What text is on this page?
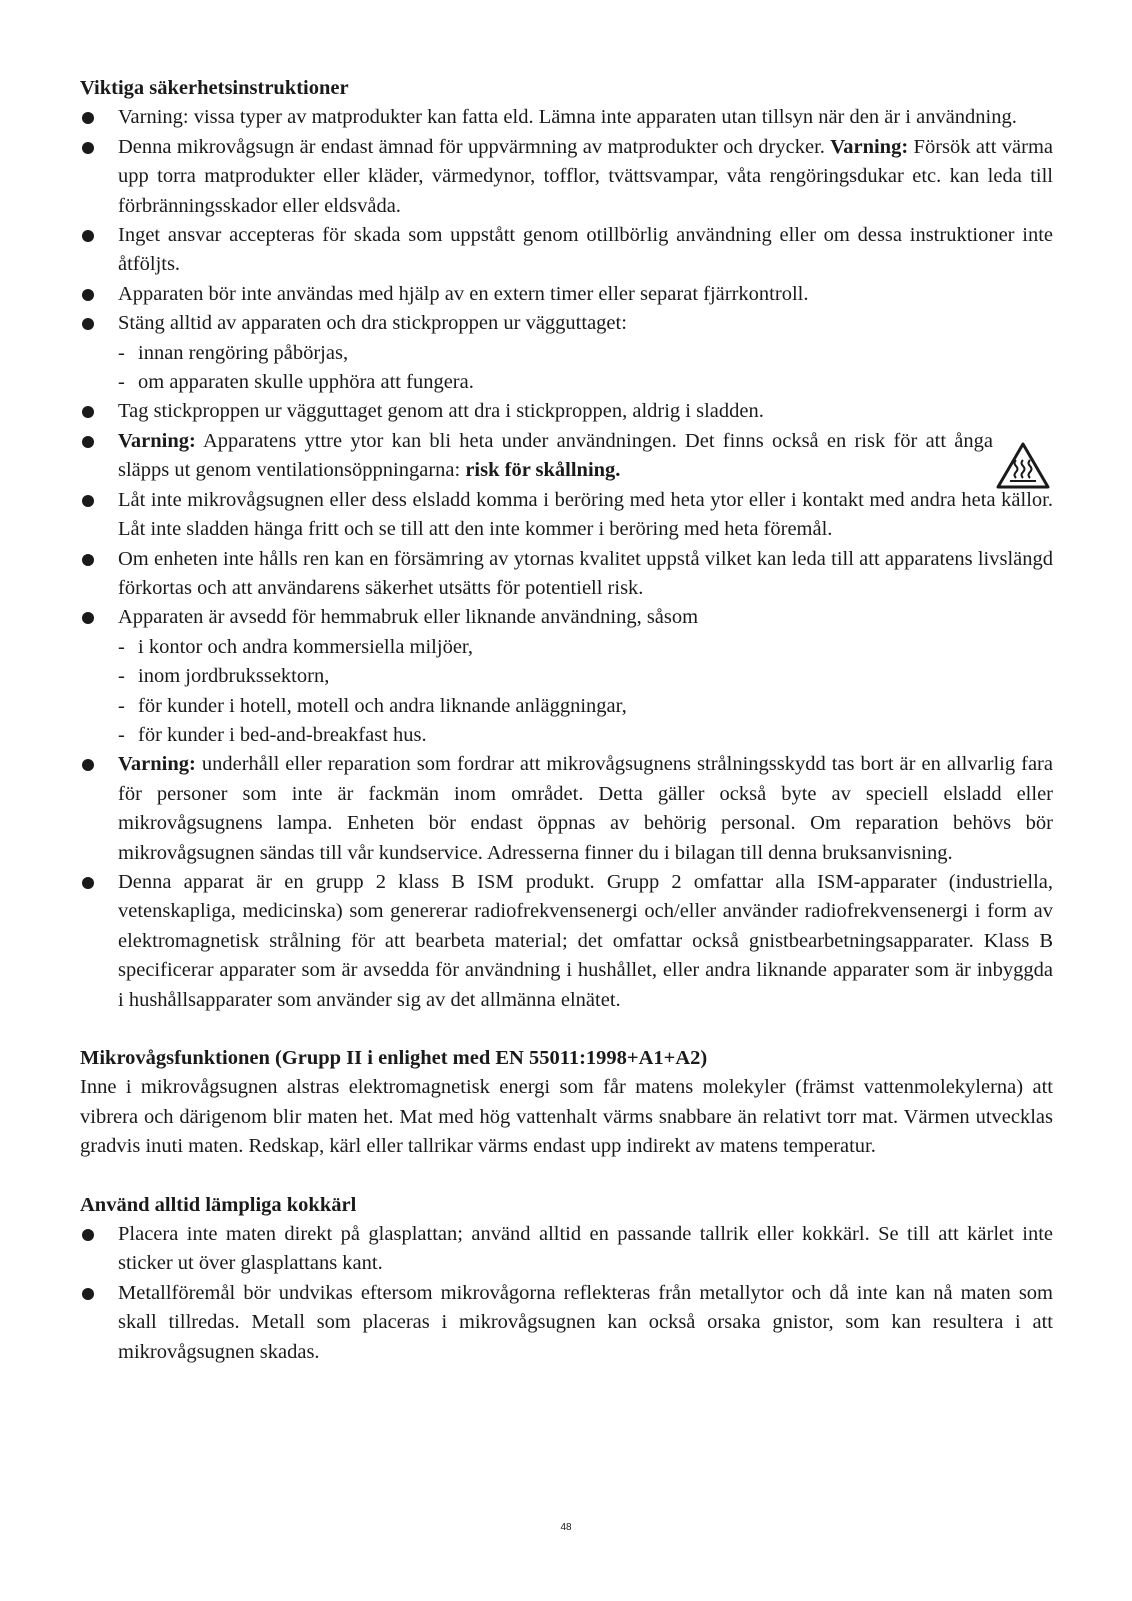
Viktiga säkerhetsinstruktioner
Varning: vissa typer av matprodukter kan fatta eld. Lämna inte apparaten utan tillsyn när den är i användning.
Denna mikrovågsugn är endast ämnad för uppvärmning av matprodukter och drycker. Varning: Försök att värma upp torra matprodukter eller kläder, värmedynor, tofflor, tvättsvampar, våta rengöringsdukar etc. kan leda till förbränningsskador eller eldsvåda.
Inget ansvar accepteras för skada som uppstått genom otillbörlig användning eller om dessa instruktioner inte åtföljts.
Apparaten bör inte användas med hjälp av en extern timer eller separat fjärrkontroll.
Stäng alltid av apparaten och dra stickproppen ur vägguttaget:
- innan rengöring påbörjas,
- om apparaten skulle upphöra att fungera.
Tag stickproppen ur vägguttaget genom att dra i stickproppen, aldrig i sladden.
Varning: Apparatens yttre ytor kan bli heta under användningen. Det finns också en risk för att ånga släpps ut genom ventilationsöppningarna: risk för skållning.
Låt inte mikrovågsugnen eller dess elsladd komma i beröring med heta ytor eller i kontakt med andra heta källor. Låt inte sladden hänga fritt och se till att den inte kommer i beröring med heta föremål.
Om enheten inte hålls ren kan en försämring av ytornas kvalitet uppstå vilket kan leda till att apparatens livslängd förkortas och att användarens säkerhet utsätts för potentiell risk.
Apparaten är avsedd för hemmabruk eller liknande användning, såsom
- i kontor och andra kommersiella miljöer,
- inom jordbrukssektorn,
- för kunder i hotell, motell och andra liknande anläggningar,
- för kunder i bed-and-breakfast hus.
Varning: underhåll eller reparation som fordrar att mikrovågsugnens strålningsskydd tas bort är en allvarlig fara för personer som inte är fackmän inom området. Detta gäller också byte av speciell elsladd eller mikrovågsugnens lampa. Enheten bör endast öppnas av behörig personal. Om reparation behövs bör mikrovågsugnen sändas till vår kundservice. Adresserna finner du i bilagan till denna bruksanvisning.
Denna apparat är en grupp 2 klass B ISM produkt. Grupp 2 omfattar alla ISM-apparater (industriella, vetenskapliga, medicinska) som genererar radiofrekvensenergi och/eller använder radiofrekvensenergi i form av elektromagnetisk strålning för att bearbeta material; det omfattar också gnistbearbetningsapparater. Klass B specificerar apparater som är avsedda för användning i hushållet, eller andra liknande apparater som är inbyggda i hushållsapparater som använder sig av det allmänna elnätet.
Mikrovågsfunktionen (Grupp II i enlighet med EN 55011:1998+A1+A2)

Inne i mikrovågsugnen alstras elektromagnetisk energi som får matens molekyler (främst vattenmolekylerna) att vibrera och därigenom blir maten het. Mat med hög vattenhalt värms snabbare än relativt torr mat. Värmen utvecklas gradvis inuti maten. Redskap, kärl eller tallrikar värms endast upp indirekt av matens temperatur.

Använd alltid lämpliga kokkärl
Placera inte maten direkt på glasplattan; använd alltid en passande tallrik eller kokkärl. Se till att kärlet inte sticker ut över glasplattans kant.
Metallföremål bör undvikas eftersom mikrovågorna reflekteras från metallytor och då inte kan nå maten som skall tillredas. Metall som placeras i mikrovågsugnen kan också orsaka gnistor, som kan resultera i att mikrovågsugnen skadas.
48
